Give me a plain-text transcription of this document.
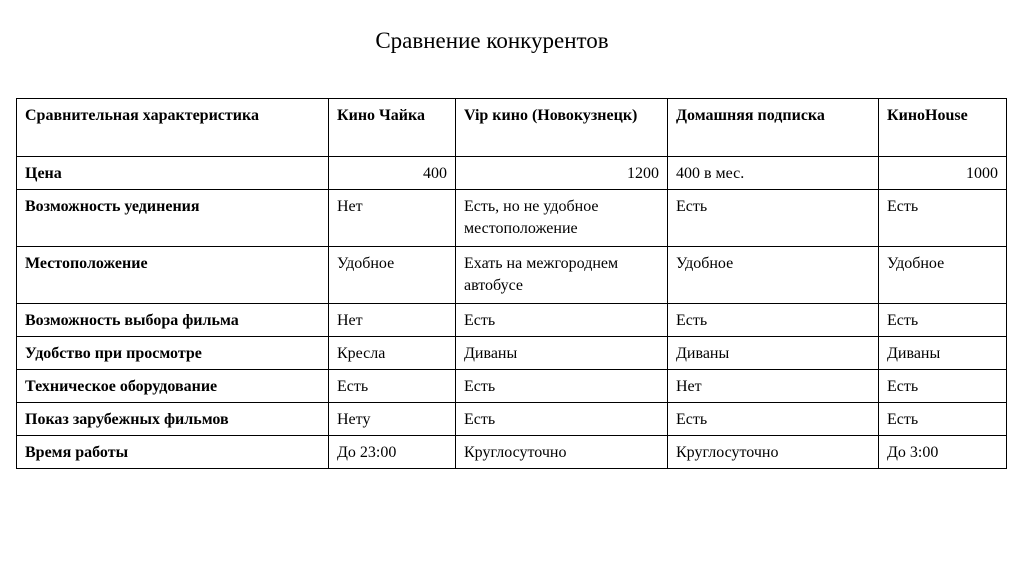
Сравнение конкурентов
Сравнительная характеристика	Кино Чайка	Vip кино (Новокузнецк)	Домашняя подписка	КиноHouse
Цена	400	1200	400 в мес.	1000
Возможность уединения	Нет	Есть, но не удобное местоположение	Есть	Есть
Местоположение	Удобное	Ехать на межгороднем автобусе	Удобное	Удобное
Возможность выбора фильма	Нет	Есть	Есть	Есть
Удобство при просмотре	Кресла	Диваны	Диваны	Диваны
Техническое оборудование	Есть	Есть	Нет	Есть
Показ зарубежных фильмов	Нету	Есть	Есть	Есть
Время работы	До 23:00	Круглосуточно	Круглосуточно	До 3:00
